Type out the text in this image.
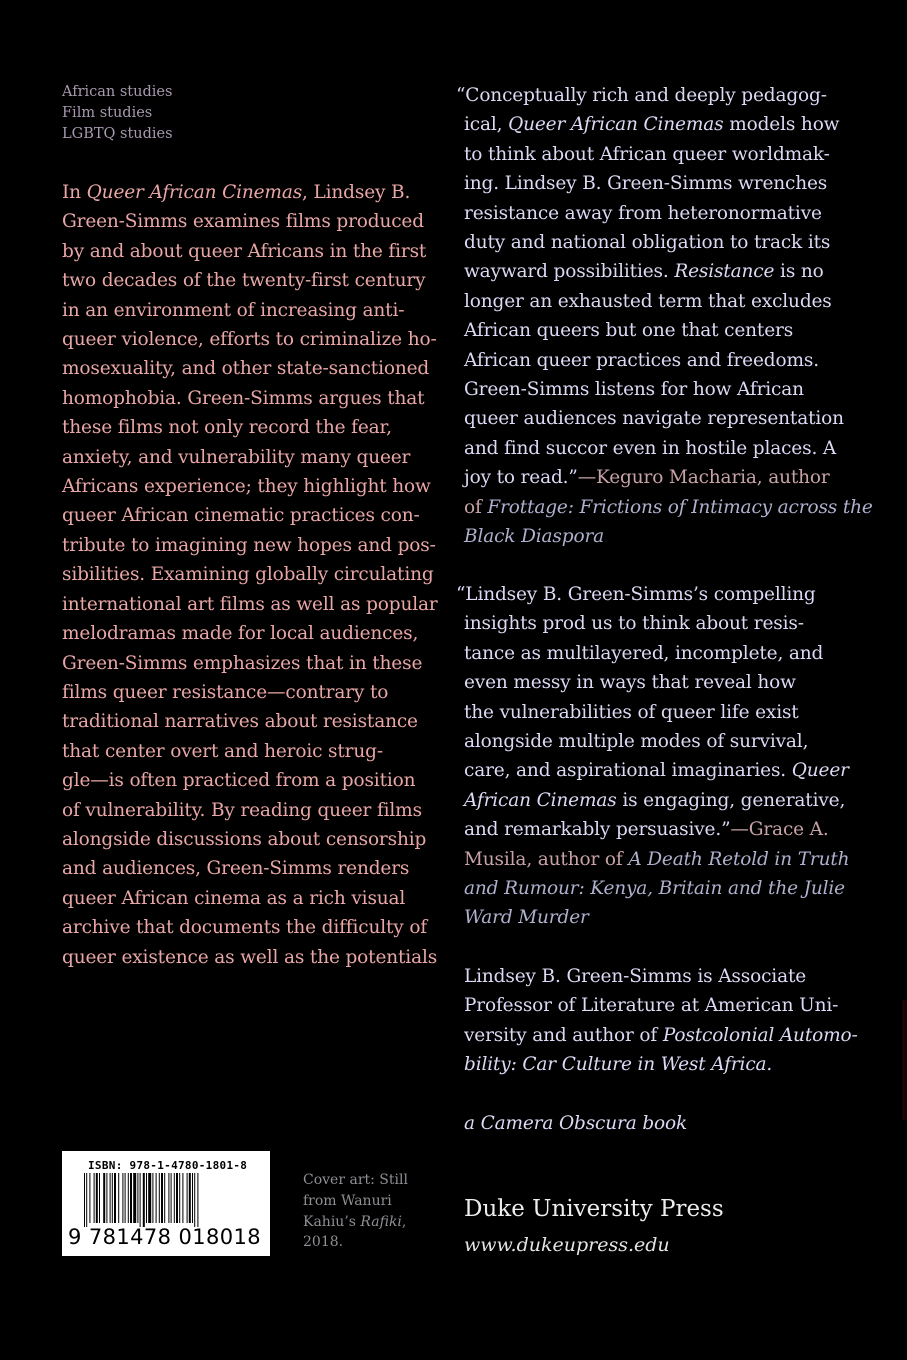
African studies
Film studies
LGBTQ studies
In Queer African Cinemas, Lindsey B.
Green-Simms examines films produced
by and about queer Africans in the first
two decades of the twenty-first century
in an environment of increasing anti-
queer violence, efforts to criminalize ho-
mosexuality, and other state-sanctioned
homophobia. Green-Simms argues that
these films not only record the fear,
anxiety, and vulnerability many queer
Africans experience; they highlight how
queer African cinematic practices con-
tribute to imagining new hopes and pos-
sibilities. Examining globally circulating
international art films as well as popular
melodramas made for local audiences,
Green-Simms emphasizes that in these
films queer resistance—contrary to
traditional narratives about resistance
that center overt and heroic strug-
gle—is often practiced from a position
of vulnerability. By reading queer films
alongside discussions about censorship
and audiences, Green-Simms renders
queer African cinema as a rich visual
archive that documents the difficulty of
queer existence as well as the potentials
“Conceptually rich and deeply pedagog-
ical, Queer African Cinemas models how
to think about African queer worldmak-
ing. Lindsey B. Green-Simms wrenches
resistance away from heteronormative
duty and national obligation to track its
wayward possibilities. Resistance is no
longer an exhausted term that excludes
African queers but one that centers
African queer practices and freedoms.
Green-Simms listens for how African
queer audiences navigate representation
and find succor even in hostile places. A
joy to read.”—Keguro Macharia, author
of Frottage: Frictions of Intimacy across the
Black Diaspora
“Lindsey B. Green-Simms’s compelling
insights prod us to think about resis-
tance as multilayered, incomplete, and
even messy in ways that reveal how
the vulnerabilities of queer life exist
alongside multiple modes of survival,
care, and aspirational imaginaries. Queer
African Cinemas is engaging, generative,
and remarkably persuasive.”—Grace A.
Musila, author of A Death Retold in Truth
and Rumour: Kenya, Britain and the Julie
Ward Murder
Lindsey B. Green-Simms is Associate
Professor of Literature at American Uni-
versity and author of Postcolonial Automo-
bility: Car Culture in West Africa.
a Camera Obscura book
Duke University Press
www.dukeupress.edu
ISBN: 978-1-4780-1801-8
9 781478 018018
Cover art: Still
from Wanuri
Kahiu’s Rafiki,
2018.
